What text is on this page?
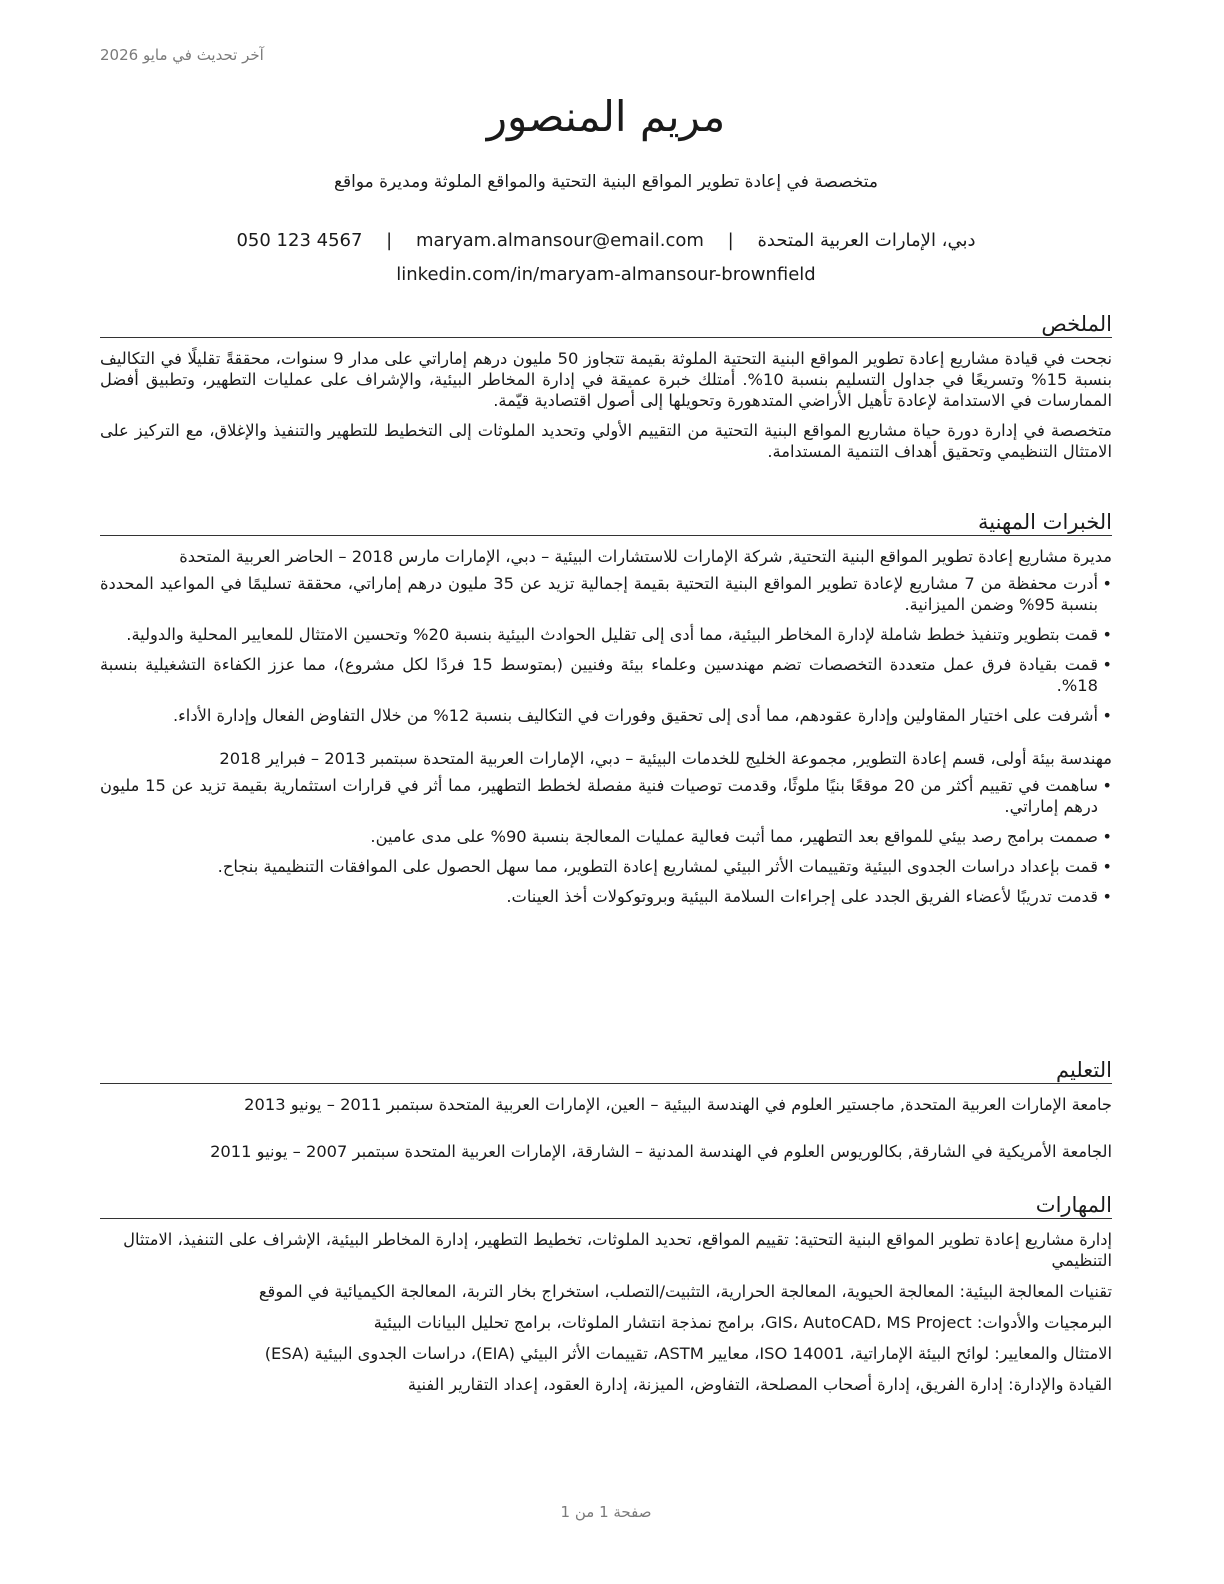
آخر تحديث في مايو 2026
مريم المنصور
متخصصة في إعادة تطوير المواقع البنية التحتية والمواقع الملوثة ومديرة مواقع
دبي، الإمارات العربية المتحدة | maryam.almansour@email.com | 050 123 4567
linkedin.com/in/maryam-almansour-brownfield
الملخص

نجحت في قيادة مشاريع إعادة تطوير المواقع البنية التحتية الملوثة بقيمة تتجاوز 50 مليون درهم إماراتي على مدار 9 سنوات، محققةً تقليلًا في التكاليف بنسبة 15% وتسريعًا في جداول التسليم بنسبة 10%. أمتلك خبرة عميقة في إدارة المخاطر البيئية، والإشراف على عمليات التطهير، وتطبيق أفضل الممارسات في الاستدامة لإعادة تأهيل الأراضي المتدهورة وتحويلها إلى أصول اقتصادية قيّمة.

متخصصة في إدارة دورة حياة مشاريع المواقع البنية التحتية من التقييم الأولي وتحديد الملوثات إلى التخطيط للتطهير والتنفيذ والإغلاق، مع التركيز على الامتثال التنظيمي وتحقيق أهداف التنمية المستدامة.

الخبرات المهنية
مديرة مشاريع إعادة تطوير المواقع البنية التحتية, شركة الإمارات للاستشارات البيئية – دبي، الإمارات مارس 2018 – الحاضر العربية المتحدة
• أدرت محفظة من 7 مشاريع لإعادة تطوير المواقع البنية التحتية بقيمة إجمالية تزيد عن 35 مليون درهم إماراتي، محققة تسليمًا في المواعيد المحددة بنسبة 95% وضمن الميزانية.
• قمت بتطوير وتنفيذ خطط شاملة لإدارة المخاطر البيئية، مما أدى إلى تقليل الحوادث البيئية بنسبة 20% وتحسين الامتثال للمعايير المحلية والدولية.
• قمت بقيادة فرق عمل متعددة التخصصات تضم مهندسين وعلماء بيئة وفنيين (بمتوسط 15 فردًا لكل مشروع)، مما عزز الكفاءة التشغيلية بنسبة 18%.
• أشرفت على اختيار المقاولين وإدارة عقودهم، مما أدى إلى تحقيق وفورات في التكاليف بنسبة 12% من خلال التفاوض الفعال وإدارة الأداء.
مهندسة بيئة أولى، قسم إعادة التطوير, مجموعة الخليج للخدمات البيئية – دبي، الإمارات العربية المتحدة سبتمبر 2013 – فبراير 2018
• ساهمت في تقييم أكثر من 20 موقعًا بنيًا ملوثًا، وقدمت توصيات فنية مفصلة لخطط التطهير، مما أثر في قرارات استثمارية بقيمة تزيد عن 15 مليون درهم إماراتي.
• صممت برامج رصد بيئي للمواقع بعد التطهير، مما أثبت فعالية عمليات المعالجة بنسبة 90% على مدى عامين.
• قمت بإعداد دراسات الجدوى البيئية وتقييمات الأثر البيئي لمشاريع إعادة التطوير، مما سهل الحصول على الموافقات التنظيمية بنجاح.
• قدمت تدريبًا لأعضاء الفريق الجدد على إجراءات السلامة البيئية وبروتوكولات أخذ العينات.
التعليم
جامعة الإمارات العربية المتحدة, ماجستير العلوم في الهندسة البيئية – العين، الإمارات العربية المتحدة سبتمبر 2011 – يونيو 2013
الجامعة الأمريكية في الشارقة, بكالوريوس العلوم في الهندسة المدنية – الشارقة، الإمارات العربية المتحدة سبتمبر 2007 – يونيو 2011
المهارات
إدارة مشاريع إعادة تطوير المواقع البنية التحتية: تقييم المواقع، تحديد الملوثات، تخطيط التطهير، إدارة المخاطر البيئية، الإشراف على التنفيذ، الامتثال التنظيمي
تقنيات المعالجة البيئية: المعالجة الحيوية، المعالجة الحرارية، التثبيت/التصلب، استخراج بخار التربة، المعالجة الكيميائية في الموقع
البرمجيات والأدوات: GIS، AutoCAD، MS Project، برامج نمذجة انتشار الملوثات، برامج تحليل البيانات البيئية
الامتثال والمعايير: لوائح البيئة الإماراتية، ISO 14001، معايير ASTM، تقييمات الأثر البيئي (EIA)، دراسات الجدوى البيئية (ESA)
القيادة والإدارة: إدارة الفريق، إدارة أصحاب المصلحة، التفاوض، الميزنة، إدارة العقود، إعداد التقارير الفنية
صفحة 1 من 1
